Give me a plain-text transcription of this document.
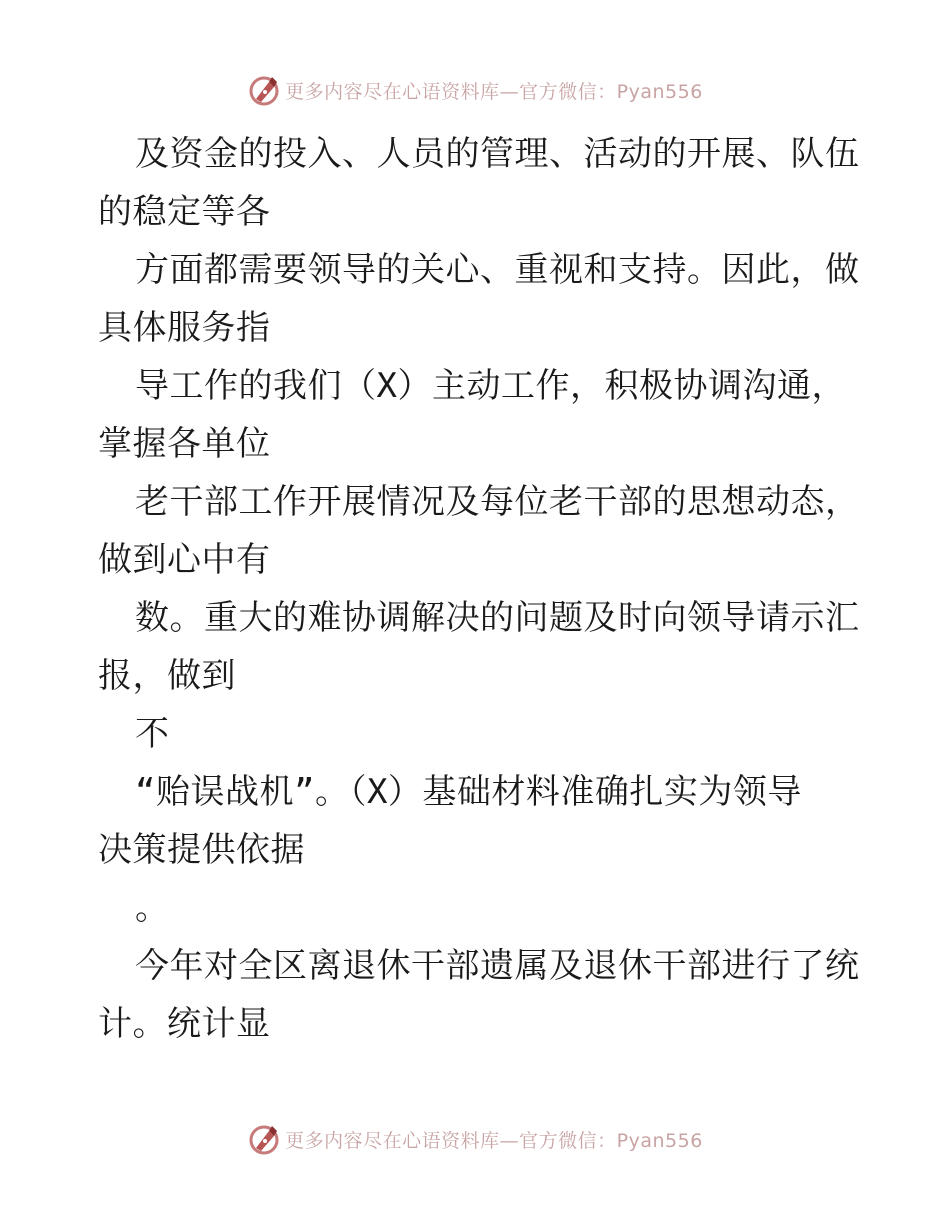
更多内容尽在心语资料库—官方微信：Pyan556
及资金的投入、人员的管理、活动的开展、队伍
的稳定等各
方面都需要领导的关心、重视和支持。因此，做
具体服务指
导工作的我们（X）主动工作，积极协调沟通，
掌握各单位
老干部工作开展情况及每位老干部的思想动态，
做到心中有
数。重大的难协调解决的问题及时向领导请示汇
报，做到
不
“贻误战机”。（X）基础材料准确扎实为领导
决策提供依据
。
今年对全区离退休干部遗属及退休干部进行了统
计。统计显
更多内容尽在心语资料库—官方微信：Pyan556
